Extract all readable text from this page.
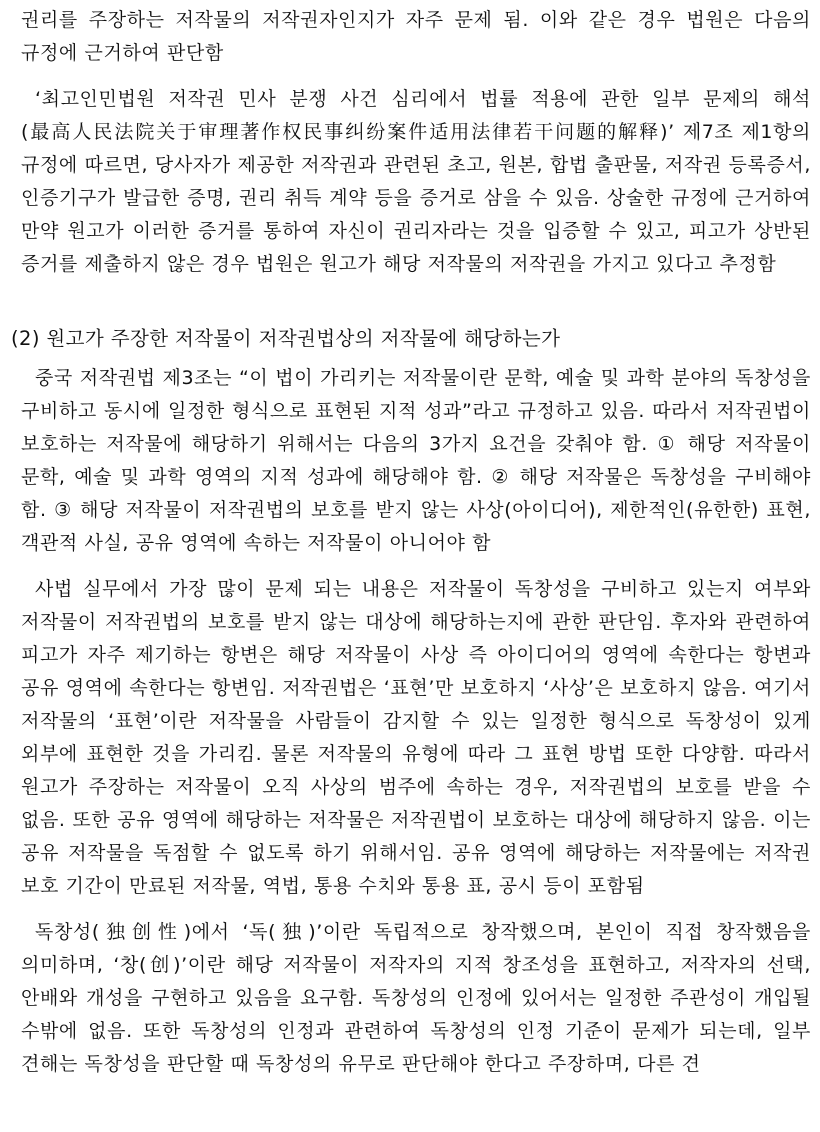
권리를 주장하는 저작물의 저작권자인지가 자주 문제 됨. 이와 같은 경우 법원은 다음의 규정에 근거하여 판단함

‘최고인민법원 저작권 민사 분쟁 사건 심리에서 법률 적용에 관한 일부 문제의 해석(最高人民法院关于审理著作权民事纠纷案件适用法律若干问题的解释)’ 제7조 제1항의 규정에 따르면, 당사자가 제공한 저작권과 관련된 초고, 원본, 합법 출판물, 저작권 등록증서, 인증기구가 발급한 증명, 권리 취득 계약 등을 증거로 삼을 수 있음. 상술한 규정에 근거하여 만약 원고가 이러한 증거를 통하여 자신이 권리자라는 것을 입증할 수 있고, 피고가 상반된 증거를 제출하지 않은 경우 법원은 원고가 해당 저작물의 저작권을 가지고 있다고 추정함

(2) 원고가 주장한 저작물이 저작권법상의 저작물에 해당하는가

중국 저작권법 제3조는 “이 법이 가리키는 저작물이란 문학, 예술 및 과학 분야의 독창성을 구비하고 동시에 일정한 형식으로 표현된 지적 성과”라고 규정하고 있음. 따라서 저작권법이 보호하는 저작물에 해당하기 위해서는 다음의 3가지 요건을 갖춰야 함. ① 해당 저작물이 문학, 예술 및 과학 영역의 지적 성과에 해당해야 함. ② 해당 저작물은 독창성을 구비해야 함. ③ 해당 저작물이 저작권법의 보호를 받지 않는 사상(아이디어), 제한적인(유한한) 표현, 객관적 사실, 공유 영역에 속하는 저작물이 아니어야 함

사법 실무에서 가장 많이 문제 되는 내용은 저작물이 독창성을 구비하고 있는지 여부와 저작물이 저작권법의 보호를 받지 않는 대상에 해당하는지에 관한 판단임. 후자와 관련하여 피고가 자주 제기하는 항변은 해당 저작물이 사상 즉 아이디어의 영역에 속한다는 항변과 공유 영역에 속한다는 항변임. 저작권법은 ‘표현’만 보호하지 ‘사상’은 보호하지 않음. 여기서 저작물의 ‘표현’이란 저작물을 사람들이 감지할 수 있는 일정한 형식으로 독창성이 있게 외부에 표현한 것을 가리킴. 물론 저작물의 유형에 따라 그 표현 방법 또한 다양함. 따라서 원고가 주장하는 저작물이 오직 사상의 범주에 속하는 경우, 저작권법의 보호를 받을 수 없음. 또한 공유 영역에 해당하는 저작물은 저작권법이 보호하는 대상에 해당하지 않음. 이는 공유 저작물을 독점할 수 없도록 하기 위해서임. 공유 영역에 해당하는 저작물에는 저작권 보호 기간이 만료된 저작물, 역법, 통용 수치와 통용 표, 공시 등이 포함됨

독창성(独创性)에서 ‘독(独)’이란 독립적으로 창작했으며, 본인이 직접 창작했음을 의미하며, ‘창(创)’이란 해당 저작물이 저작자의 지적 창조성을 표현하고, 저작자의 선택, 안배와 개성을 구현하고 있음을 요구함. 독창성의 인정에 있어서는 일정한 주관성이 개입될 수밖에 없음. 또한 독창성의 인정과 관련하여 독창성의 인정 기준이 문제가 되는데, 일부 견해는 독창성을 판단할 때 독창성의 유무로 판단해야 한다고 주장하며, 다른 견
